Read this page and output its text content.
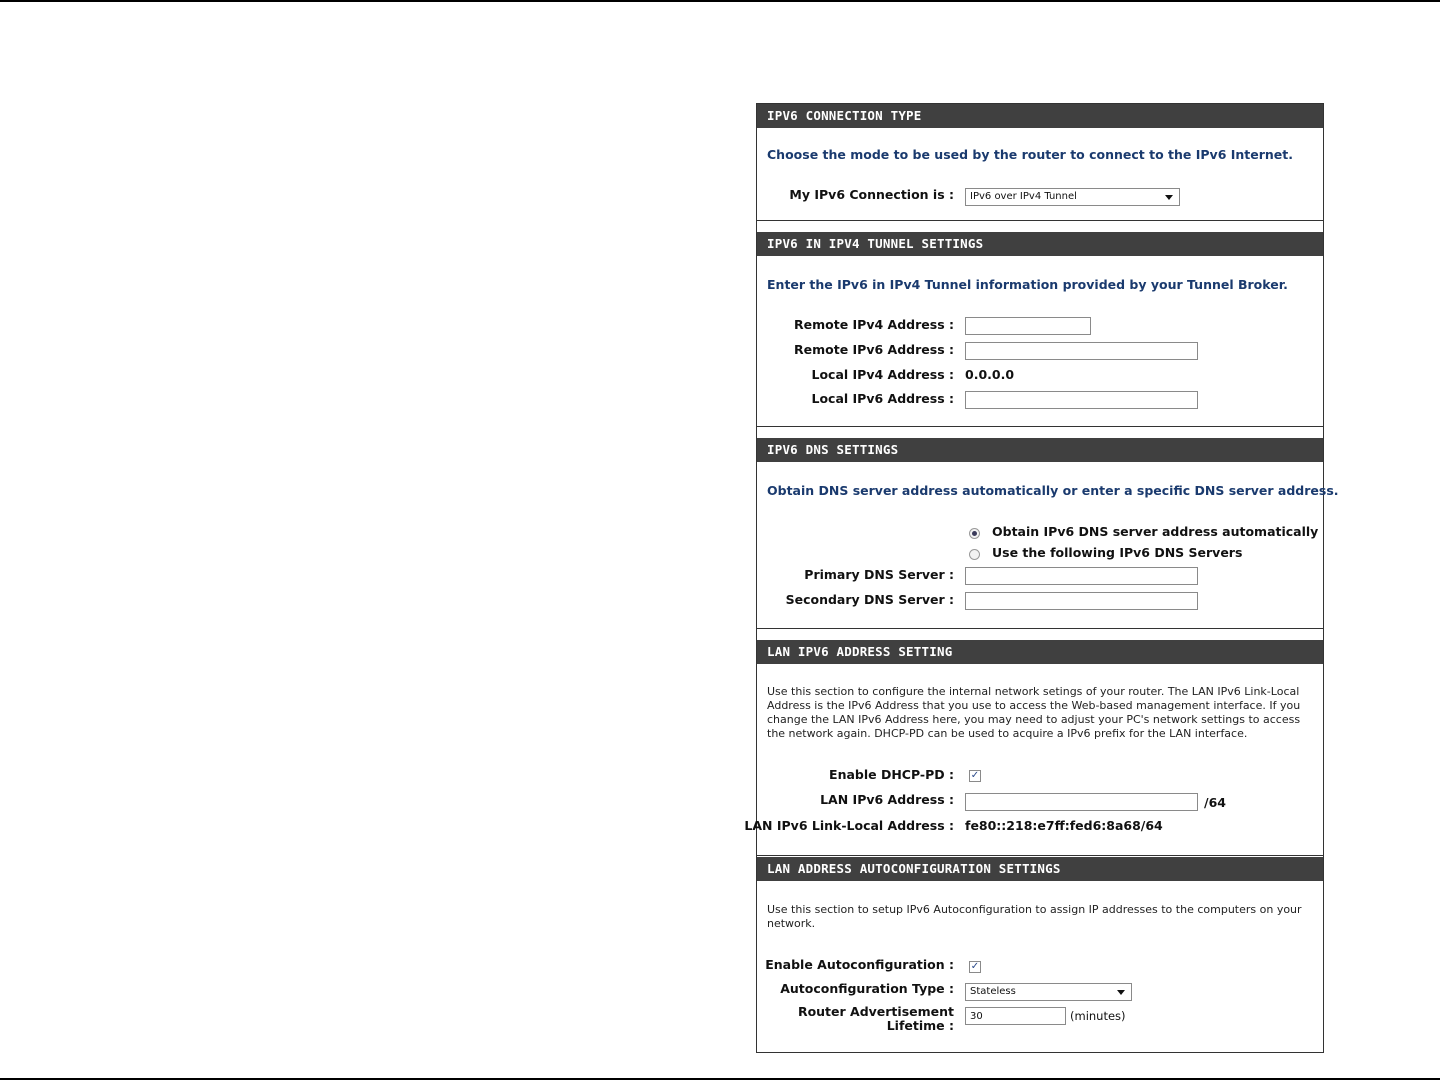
IPV6 CONNECTION TYPE
Choose the mode to be used by the router to connect to the IPv6 Internet.
My IPv6 Connection is :	IPv6 over IPv4 Tunnel
IPV6 IN IPV4 TUNNEL SETTINGS
Enter the IPv6 in IPv4 Tunnel information provided by your Tunnel Broker.
Remote IPv4 Address :
Remote IPv6 Address :
Local IPv4 Address : 0.0.0.0
Local IPv6 Address :
IPV6 DNS SETTINGS
Obtain DNS server address automatically or enter a specific DNS server address.
Obtain IPv6 DNS server address automatically
Use the following IPv6 DNS Servers
Primary DNS Server :
Secondary DNS Server :
LAN IPV6 ADDRESS SETTING
Use this section to configure the internal network setings of your router. The LAN IPv6 Link-Local Address is the IPv6 Address that you use to access the Web-based management interface. If you change the LAN IPv6 Address here, you may need to adjust your PC's network settings to access the network again. DHCP-PD can be used to acquire a IPv6 prefix for the LAN interface.
Enable DHCP-PD : ✓
LAN IPv6 Address :	/64
LAN IPv6 Link-Local Address : fe80::218:e7ff:fed6:8a68/64
LAN ADDRESS AUTOCONFIGURATION SETTINGS
Use this section to setup IPv6 Autoconfiguration to assign IP addresses to the computers on your network.
Enable Autoconfiguration : ✓
Autoconfiguration Type :	Stateless
Router Advertisement
Lifetime :
30
(minutes)
